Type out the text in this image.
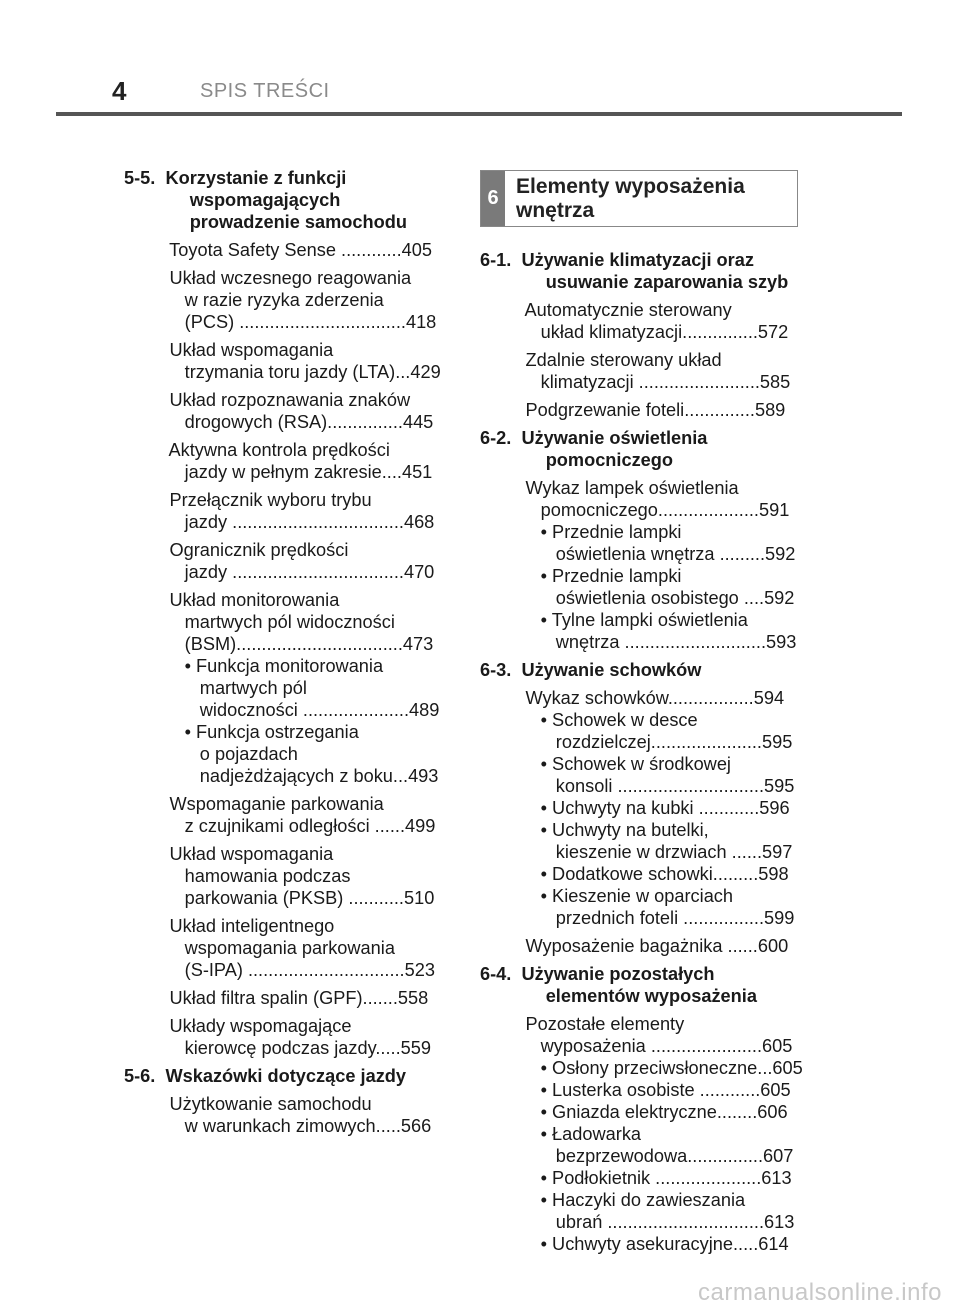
4	SPIS TREŚCI
5-5.  Korzystanie z funkcji
wspomagających
prowadzenie samochodu
Toyota Safety Sense ............405
Układ wczesnego reagowania
w razie ryzyka zderzenia
(PCS) .................................418
Układ wspomagania
trzymania toru jazdy (LTA)...429
Układ rozpoznawania znaków
drogowych (RSA)...............445
Aktywna kontrola prędkości
jazdy w pełnym zakresie....451
Przełącznik wyboru trybu
jazdy ..................................468
Ogranicznik prędkości
jazdy ..................................470
Układ monitorowania
martwych pól widoczności
(BSM).................................473
• Funkcja monitorowania
martwych pól
widoczności .....................489
• Funkcja ostrzegania
o pojazdach
nadjeżdżających z boku...493
Wspomaganie parkowania
z czujnikami odległości ......499
Układ wspomagania
hamowania podczas
parkowania (PKSB) ...........510
Układ inteligentnego
wspomagania parkowania
(S-IPA) ...............................523
Układ filtra spalin (GPF).......558
Układy wspomagające
kierowcę podczas jazdy.....559
5-6.  Wskazówki dotyczące jazdy
Użytkowanie samochodu
w warunkach zimowych.....566
6 Elementy wyposażenia
wnętrza
6-1.  Używanie klimatyzacji oraz
usuwanie zaparowania szyb
Automatycznie sterowany
układ klimatyzacji...............572
Zdalnie sterowany układ
klimatyzacji ........................585
Podgrzewanie foteli..............589
6-2.  Używanie oświetlenia
pomocniczego
Wykaz lampek oświetlenia
pomocniczego....................591
• Przednie lampki
oświetlenia wnętrza .........592
• Przednie lampki
oświetlenia osobistego ....592
• Tylne lampki oświetlenia
wnętrza ............................593
6-3.  Używanie schowków
Wykaz schowków.................594
• Schowek w desce
rozdzielczej......................595
• Schowek w środkowej
konsoli .............................595
• Uchwyty na kubki ............596
• Uchwyty na butelki,
kieszenie w drzwiach ......597
• Dodatkowe schowki.........598
• Kieszenie w oparciach
przednich foteli ................599
Wyposażenie bagażnika ......600
6-4.  Używanie pozostałych
elementów wyposażenia
Pozostałe elementy
wyposażenia ......................605
• Osłony przeciwsłoneczne...605
• Lusterka osobiste ............605
• Gniazda elektryczne........606
• Ładowarka
bezprzewodowa...............607
• Podłokietnik .....................613
• Haczyki do zawieszania
ubrań ...............................613
• Uchwyty asekuracyjne.....614
carmanualsonline.info
